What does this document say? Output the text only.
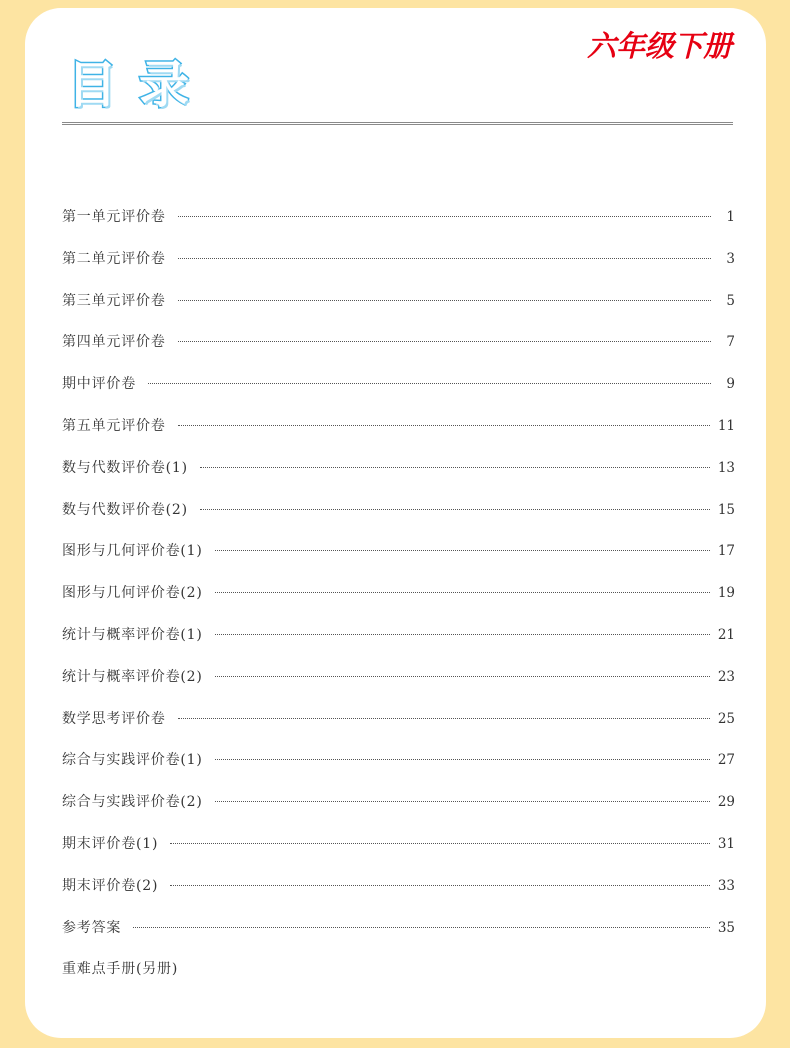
六年级下册
目 录
第一单元评价卷	1
第二单元评价卷	3
第三单元评价卷	5
第四单元评价卷	7
期中评价卷	9
第五单元评价卷	11
数与代数评价卷(1)	13
数与代数评价卷(2)	15
图形与几何评价卷(1)	17
图形与几何评价卷(2)	19
统计与概率评价卷(1)	21
统计与概率评价卷(2)	23
数学思考评价卷	25
综合与实践评价卷(1)	27
综合与实践评价卷(2)	29
期末评价卷(1)	31
期末评价卷(2)	33
参考答案	35
重难点手册(另册)
